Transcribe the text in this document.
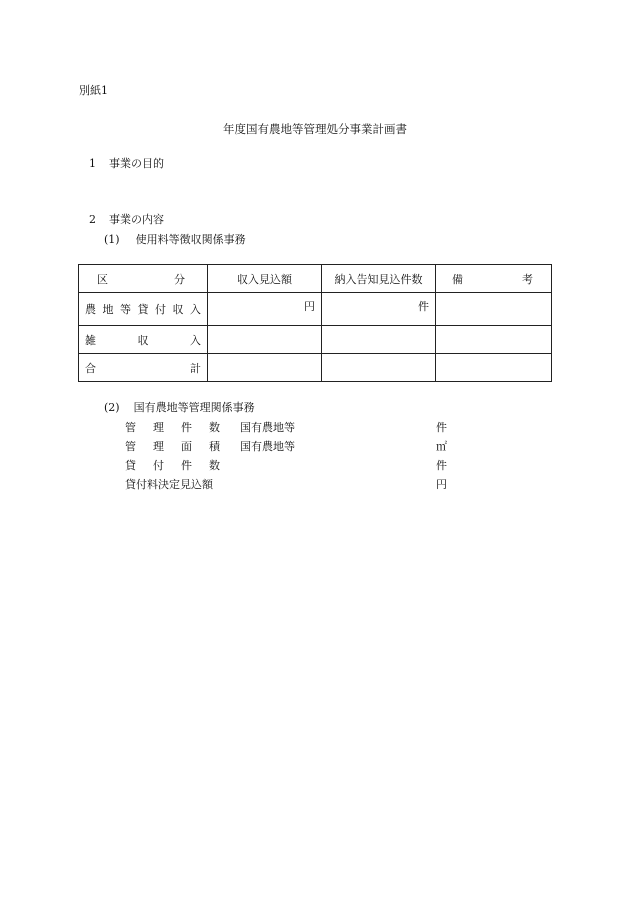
別紙1
年度国有農地等管理処分事業計画書
1 事業の目的
2 事業の内容
(1) 使用料等徴収関係事務
区　分	収入見込額	納入告知見込件数	備　考
農地等貸付収入	円	件	
雑収入			
合計			
(2) 国有農地等管理関係事務
管理件数 国有農地等	件
管理面積 国有農地等	㎡
貸付件数	件
貸付料決定見込額	円
